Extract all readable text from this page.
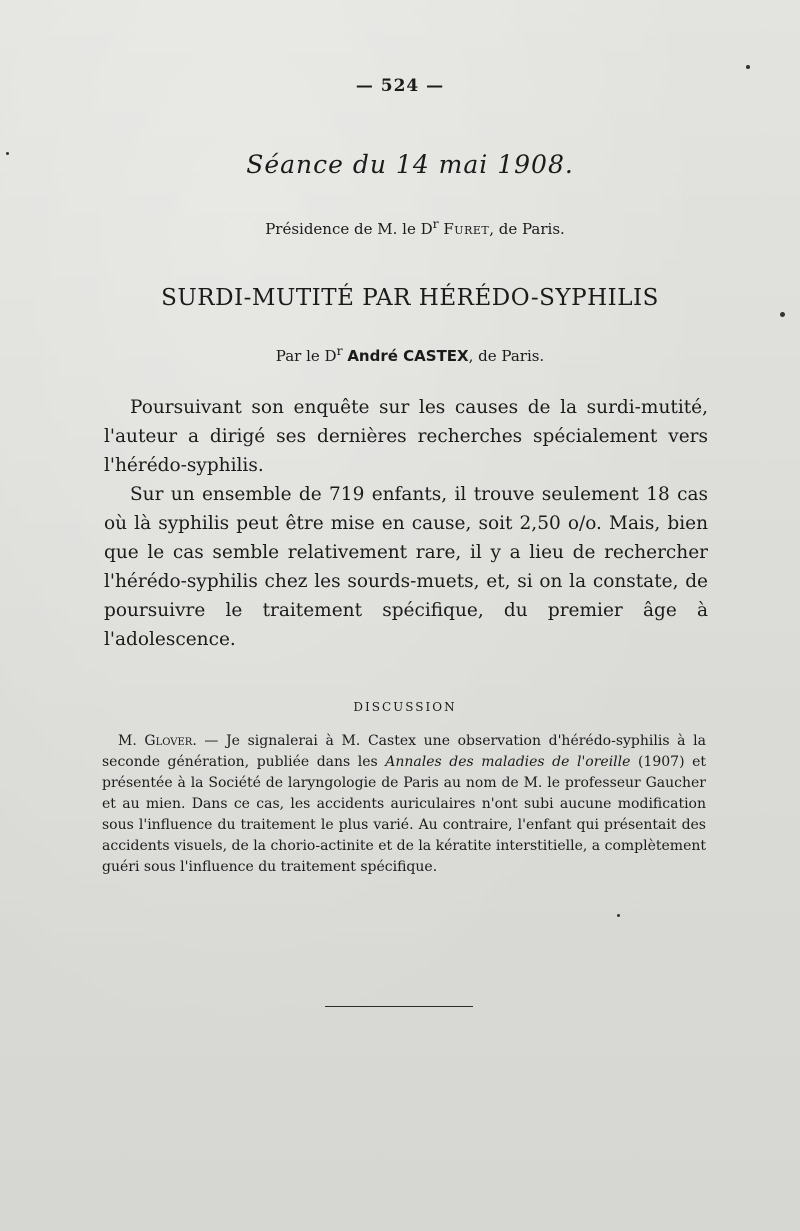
— 524 —
Séance du 14 mai 1908.
Présidence de M. le $D^r$ Furet, de Paris.
SURDI-MUTITÉ PAR HÉRÉDO-SYPHILIS
Par le $D^r$ André CASTEX, de Paris.

Poursuivant son enquête sur les causes de la surdi-mutité, l'auteur a dirigé ses dernières recherches spécialement vers l'hérédo-syphilis.

Sur un ensemble de 719 enfants, il trouve seulement 18 cas où là syphilis peut être mise en cause, soit 2,50 o/o. Mais, bien que le cas semble relativement rare, il y a lieu de rechercher l'hérédo-syphilis chez les sourds-muets, et, si on la constate, de poursuivre le traitement spécifique, du premier âge à l'adolescence.

DISCUSSION

M. Glover. — Je signalerai à M. Castex une observation d'hérédo-syphilis à la seconde génération, publiée dans les Annales des maladies de l'oreille (1907) et présentée à la Société de laryngologie de Paris au nom de M. le professeur Gaucher et au mien. Dans ce cas, les accidents auriculaires n'ont subi aucune modification sous l'influence du traitement le plus varié. Au contraire, l'enfant qui présentait des accidents visuels, de la chorio-actinite et de la kératite interstitielle, a complètement guéri sous l'influence du traitement spécifique.
